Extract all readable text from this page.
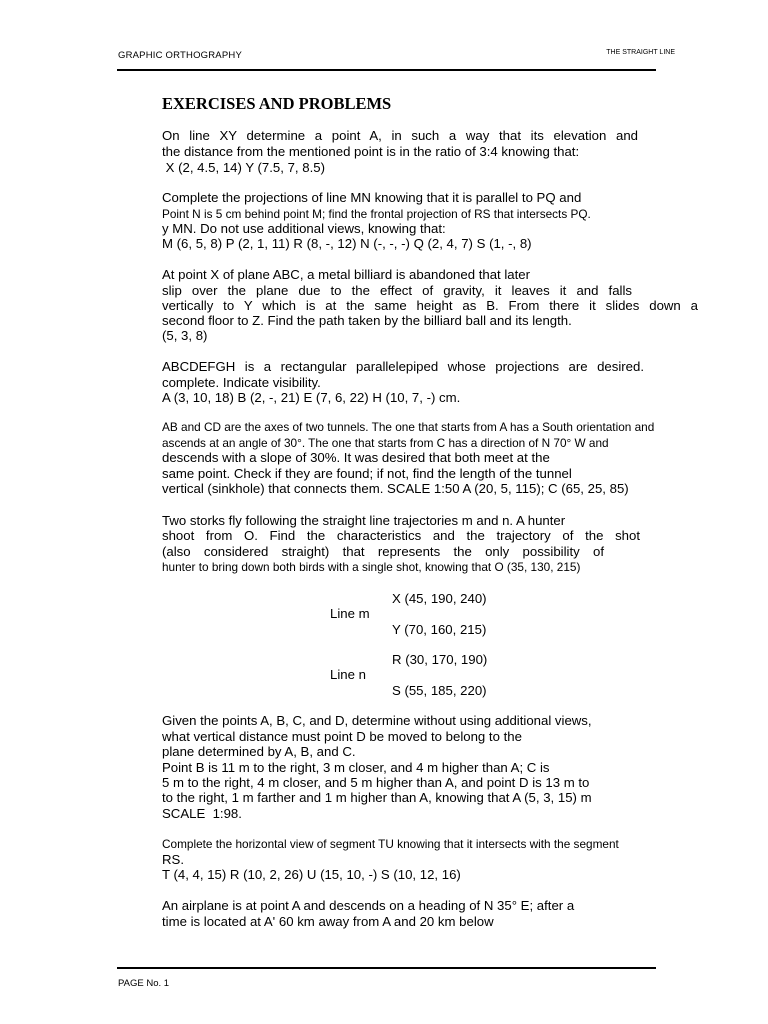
GRAPHIC ORTHOGRAPHY	THE STRAIGHT LINE
EXERCISES AND PROBLEMS
On line XY determine a point A, in such a way that its elevation and
the distance from the mentioned point is in the ratio of 3:4 knowing that:
X (2, 4.5, 14) Y (7.5, 7, 8.5)
Complete the projections of line MN knowing that it is parallel to PQ and
Point N is 5 cm behind point M; find the frontal projection of RS that intersects PQ.
y MN. Do not use additional views, knowing that:
M (6, 5, 8) P (2, 1, 11) R (8, -, 12) N (-, -, -) Q (2, 4, 7) S (1, -, 8)
At point X of plane ABC, a metal billiard is abandoned that later
slip over the plane due to the effect of gravity, it leaves it and falls
vertically to Y which is at the same height as B. From there it slides down a
second floor to Z. Find the path taken by the billiard ball and its length.
(5, 3, 8)
ABCDEFGH is a rectangular parallelepiped whose projections are desired.
complete. Indicate visibility.
A (3, 10, 18) B (2, -, 21) E (7, 6, 22) H (10, 7, -) cm.
AB and CD are the axes of two tunnels. The one that starts from A has a South orientation and
ascends at an angle of 30°. The one that starts from C has a direction of N 70° W and
descends with a slope of 30%. It was desired that both meet at the
same point. Check if they are found; if not, find the length of the tunnel
vertical (sinkhole) that connects them. SCALE 1:50 A (20, 5, 115); C (65, 25, 85)
Two storks fly following the straight line trajectories m and n. A hunter
shoot from O. Find the characteristics and the trajectory of the shot
(also considered straight) that represents the only possibility of
hunter to bring down both birds with a single shot, knowing that O (35, 130, 215)
X (45, 190, 240)
Line m
Y (70, 160, 215)
R (30, 170, 190)
Line n
S (55, 185, 220)
Given the points A, B, C, and D, determine without using additional views,
what vertical distance must point D be moved to belong to the
plane determined by A, B, and C.
Point B is 11 m to the right, 3 m closer, and 4 m higher than A; C is
5 m to the right, 4 m closer, and 5 m higher than A, and point D is 13 m to
to the right, 1 m farther and 1 m higher than A, knowing that A (5, 3, 15) m
SCALE  1:98.
Complete the horizontal view of segment TU knowing that it intersects with the segment
RS.
T (4, 4, 15) R (10, 2, 26) U (15, 10, -) S (10, 12, 16)
An airplane is at point A and descends on a heading of N 35° E; after a
time is located at A' 60 km away from A and 20 km below
PAGE No. 1
